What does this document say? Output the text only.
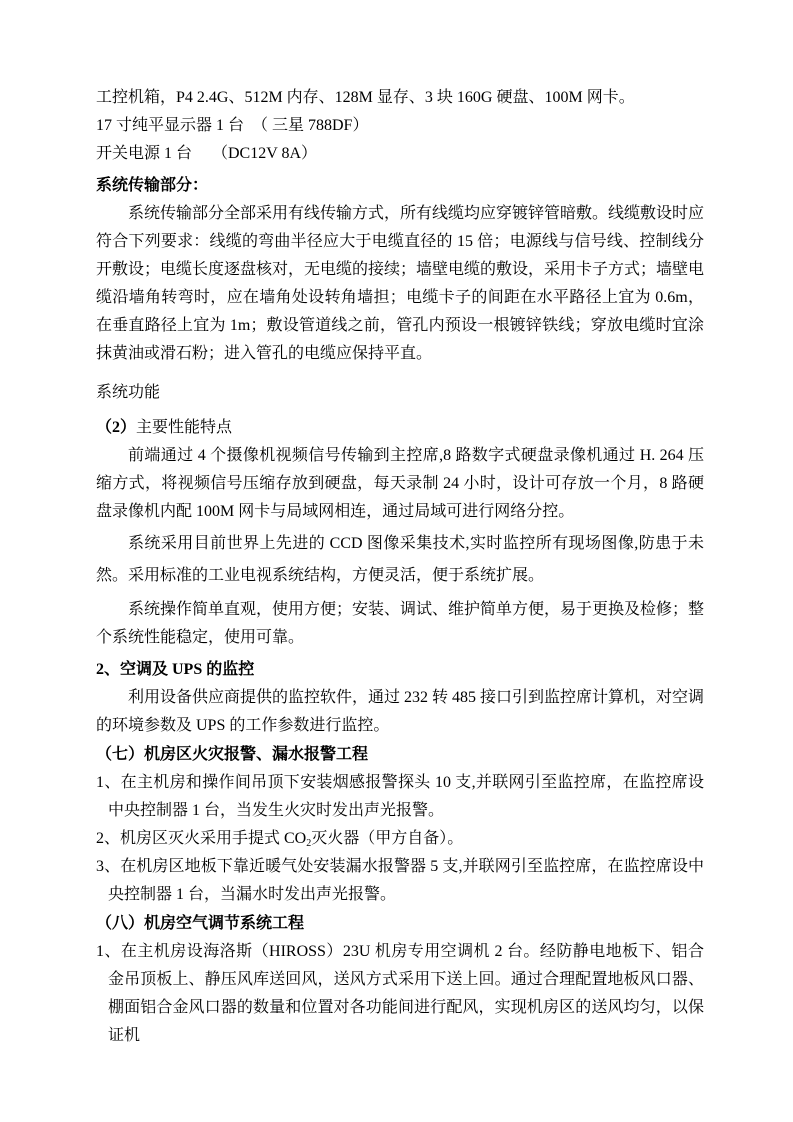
工控机箱，P4 2.4G、512M 内存、128M 显存、3 块 160G 硬盘、100M 网卡。

17 寸纯平显示器 1 台　（ 三星 788DF）

开关电源 1 台　 （DC12V 8A）

系统传输部分：

系统传输部分全部采用有线传输方式，所有线缆均应穿镀锌管暗敷。线缆敷设时应符合下列要求：线缆的弯曲半径应大于电缆直径的 15 倍；电源线与信号线、控制线分开敷设；电缆长度逐盘核对，无电缆的接续；墙壁电缆的敷设，采用卡子方式；墙壁电缆沿墙角转弯时，应在墙角处设转角墙担；电缆卡子的间距在水平路径上宜为 0.6m，在垂直路径上宜为 1m；敷设管道线之前，管孔内预设一根镀锌铁线；穿放电缆时宜涂抹黄油或滑石粉；进入管孔的电缆应保持平直。

系统功能

（2）主要性能特点

前端通过 4 个摄像机视频信号传输到主控席,8 路数字式硬盘录像机通过 H. 264 压缩方式，将视频信号压缩存放到硬盘，每天录制 24 小时，设计可存放一个月，8 路硬盘录像机内配 100M 网卡与局域网相连，通过局域可进行网络分控。

系统采用目前世界上先进的 CCD 图像采集技术,实时监控所有现场图像,防患于未然。采用标准的工业电视系统结构，方便灵活，便于系统扩展。

系统操作简单直观，使用方便；安装、调试、维护简单方便，易于更换及检修；整个系统性能稳定，使用可靠。

2、空调及 UPS 的监控

利用设备供应商提供的监控软件，通过 232 转 485 接口引到监控席计算机，对空调的环境参数及 UPS 的工作参数进行监控。

（七）机房区火灾报警、漏水报警工程

1、在主机房和操作间吊顶下安装烟感报警探头 10 支,并联网引至监控席，在监控席设中央控制器 1 台，当发生火灾时发出声光报警。

2、机房区灭火采用手提式 $CO_2$灭火器（甲方自备）。

3、在机房区地板下靠近暖气处安装漏水报警器 5 支,并联网引至监控席，在监控席设中央控制器 1 台，当漏水时发出声光报警。

（八）机房空气调节系统工程

1、在主机房设海洛斯（HIROSS）23U 机房专用空调机 2 台。经防静电地板下、铝合金吊顶板上、静压风库送回风，送风方式采用下送上回。通过合理配置地板风口器、棚面铝合金风口器的数量和位置对各功能间进行配风，实现机房区的送风均匀，以保证机
